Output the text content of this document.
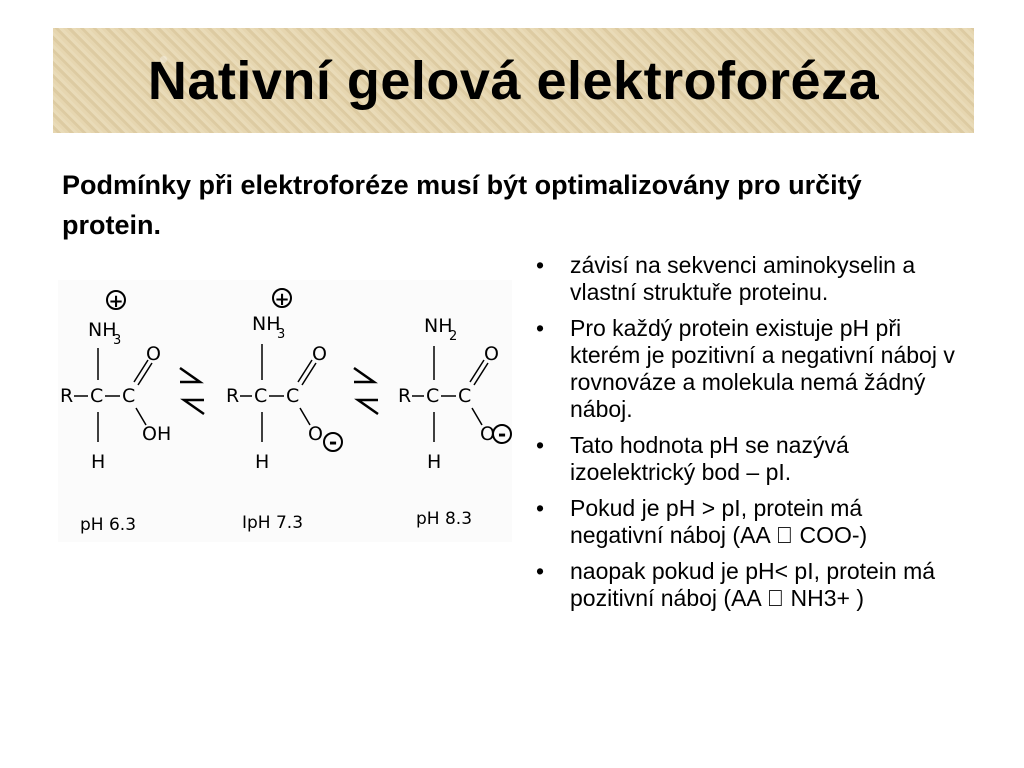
Nativní gelová elektroforéza

Podmínky při elektroforéze musí být optimalizovány pro určitý protein.

+
NH
3
R C C
O
OH
H
pH 6.3
+
NH
3
R C C
O
O -
H
IpH 7.3
NH
2
R C C
O
O -
H
pH 8.3
• závisí na sekvenci aminokyselin a vlastní struktuře proteinu.
• Pro každý protein existuje pH při kterém je pozitivní a negativní náboj v rovnováze a molekula nemá žádný náboj.
• Tato hodnota pH se nazývá izoelektrický bod – pI.
• Pokud je pH > pI, protein má negativní náboj (AA COO-)
• naopak pokud je pH< pI, protein má pozitivní náboj (AA NH3+ )
